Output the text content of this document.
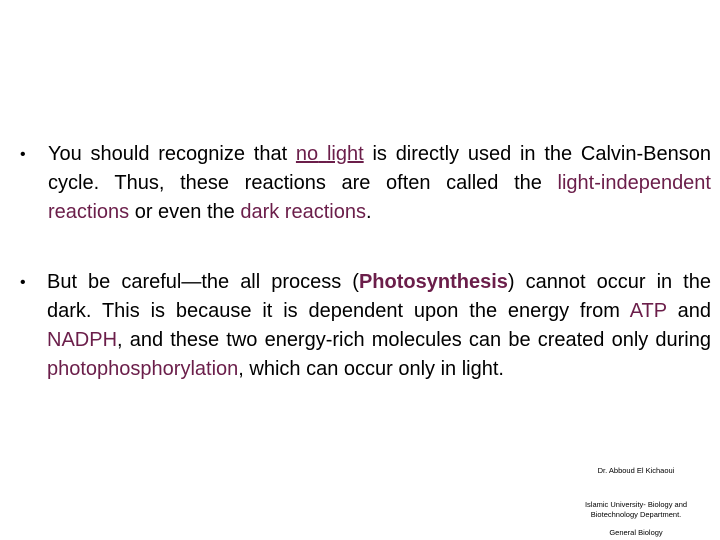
• You should recognize that no light is directly used in the Calvin-Benson cycle. Thus, these reactions are often called the light-independent reactions or even the dark reactions.
• But be careful—the all process (Photosynthesis) cannot occur in the dark. This is because it is dependent upon the energy from ATP and NADPH, and these two energy-rich molecules can be created only during photophosphorylation, which can occur only in light.
Dr. Abboud El Kichaoui
Islamic University- Biology and Biotechnology Department.
General Biology
